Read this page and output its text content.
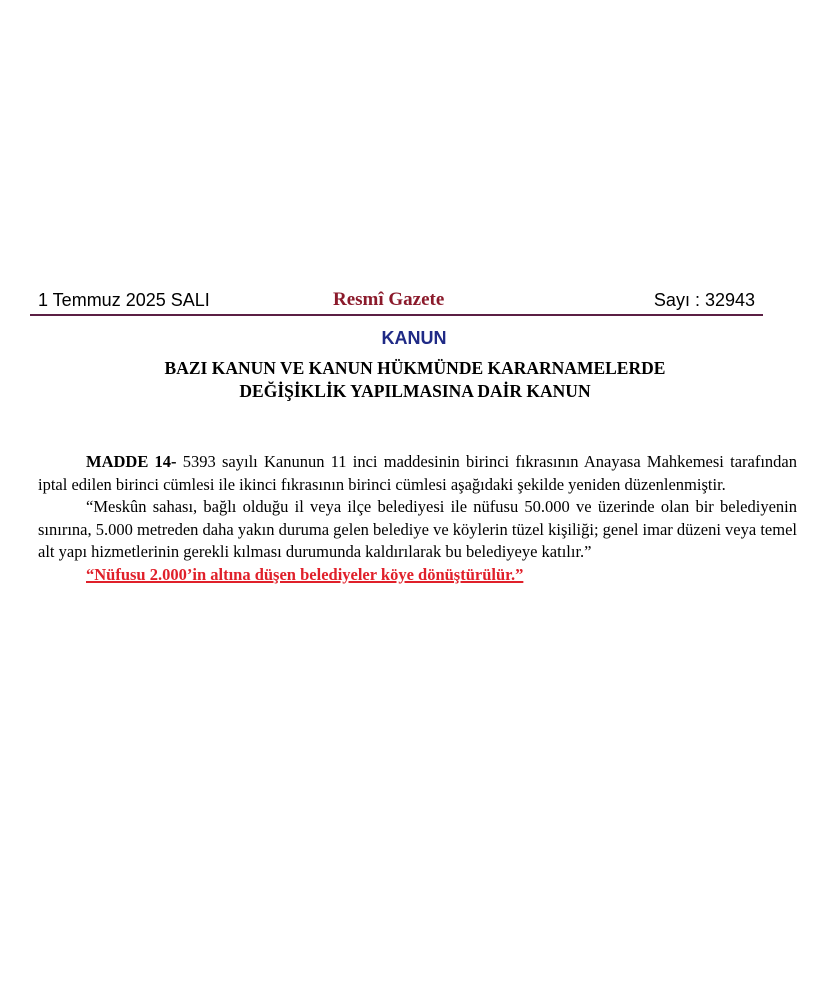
1 Temmuz 2025 SALI	Resmî Gazete	Sayı : 32943
KANUN
BAZI KANUN VE KANUN HÜKMÜNDE KARARNAMELERDE
DEĞİŞİKLİK YAPILMASINA DAİR KANUN

MADDE 14- 5393 sayılı Kanunun 11 inci maddesinin birinci fıkrasının Anayasa Mahkemesi tarafından iptal edilen birinci cümlesi ile ikinci fıkrasının birinci cümlesi aşağıdaki şekilde yeniden düzenlenmiştir.

“Meskûn sahası, bağlı olduğu il veya ilçe belediyesi ile nüfusu 50.000 ve üzerinde olan bir belediyenin sınırına, 5.000 metreden daha yakın duruma gelen belediye ve köylerin tüzel kişiliği; genel imar düzeni veya temel alt yapı hizmetlerinin gerekli kılması durumunda kaldırılarak bu belediyeye katılır.”

“Nüfusu 2.000’in altına düşen belediyeler köye dönüştürülür.”
